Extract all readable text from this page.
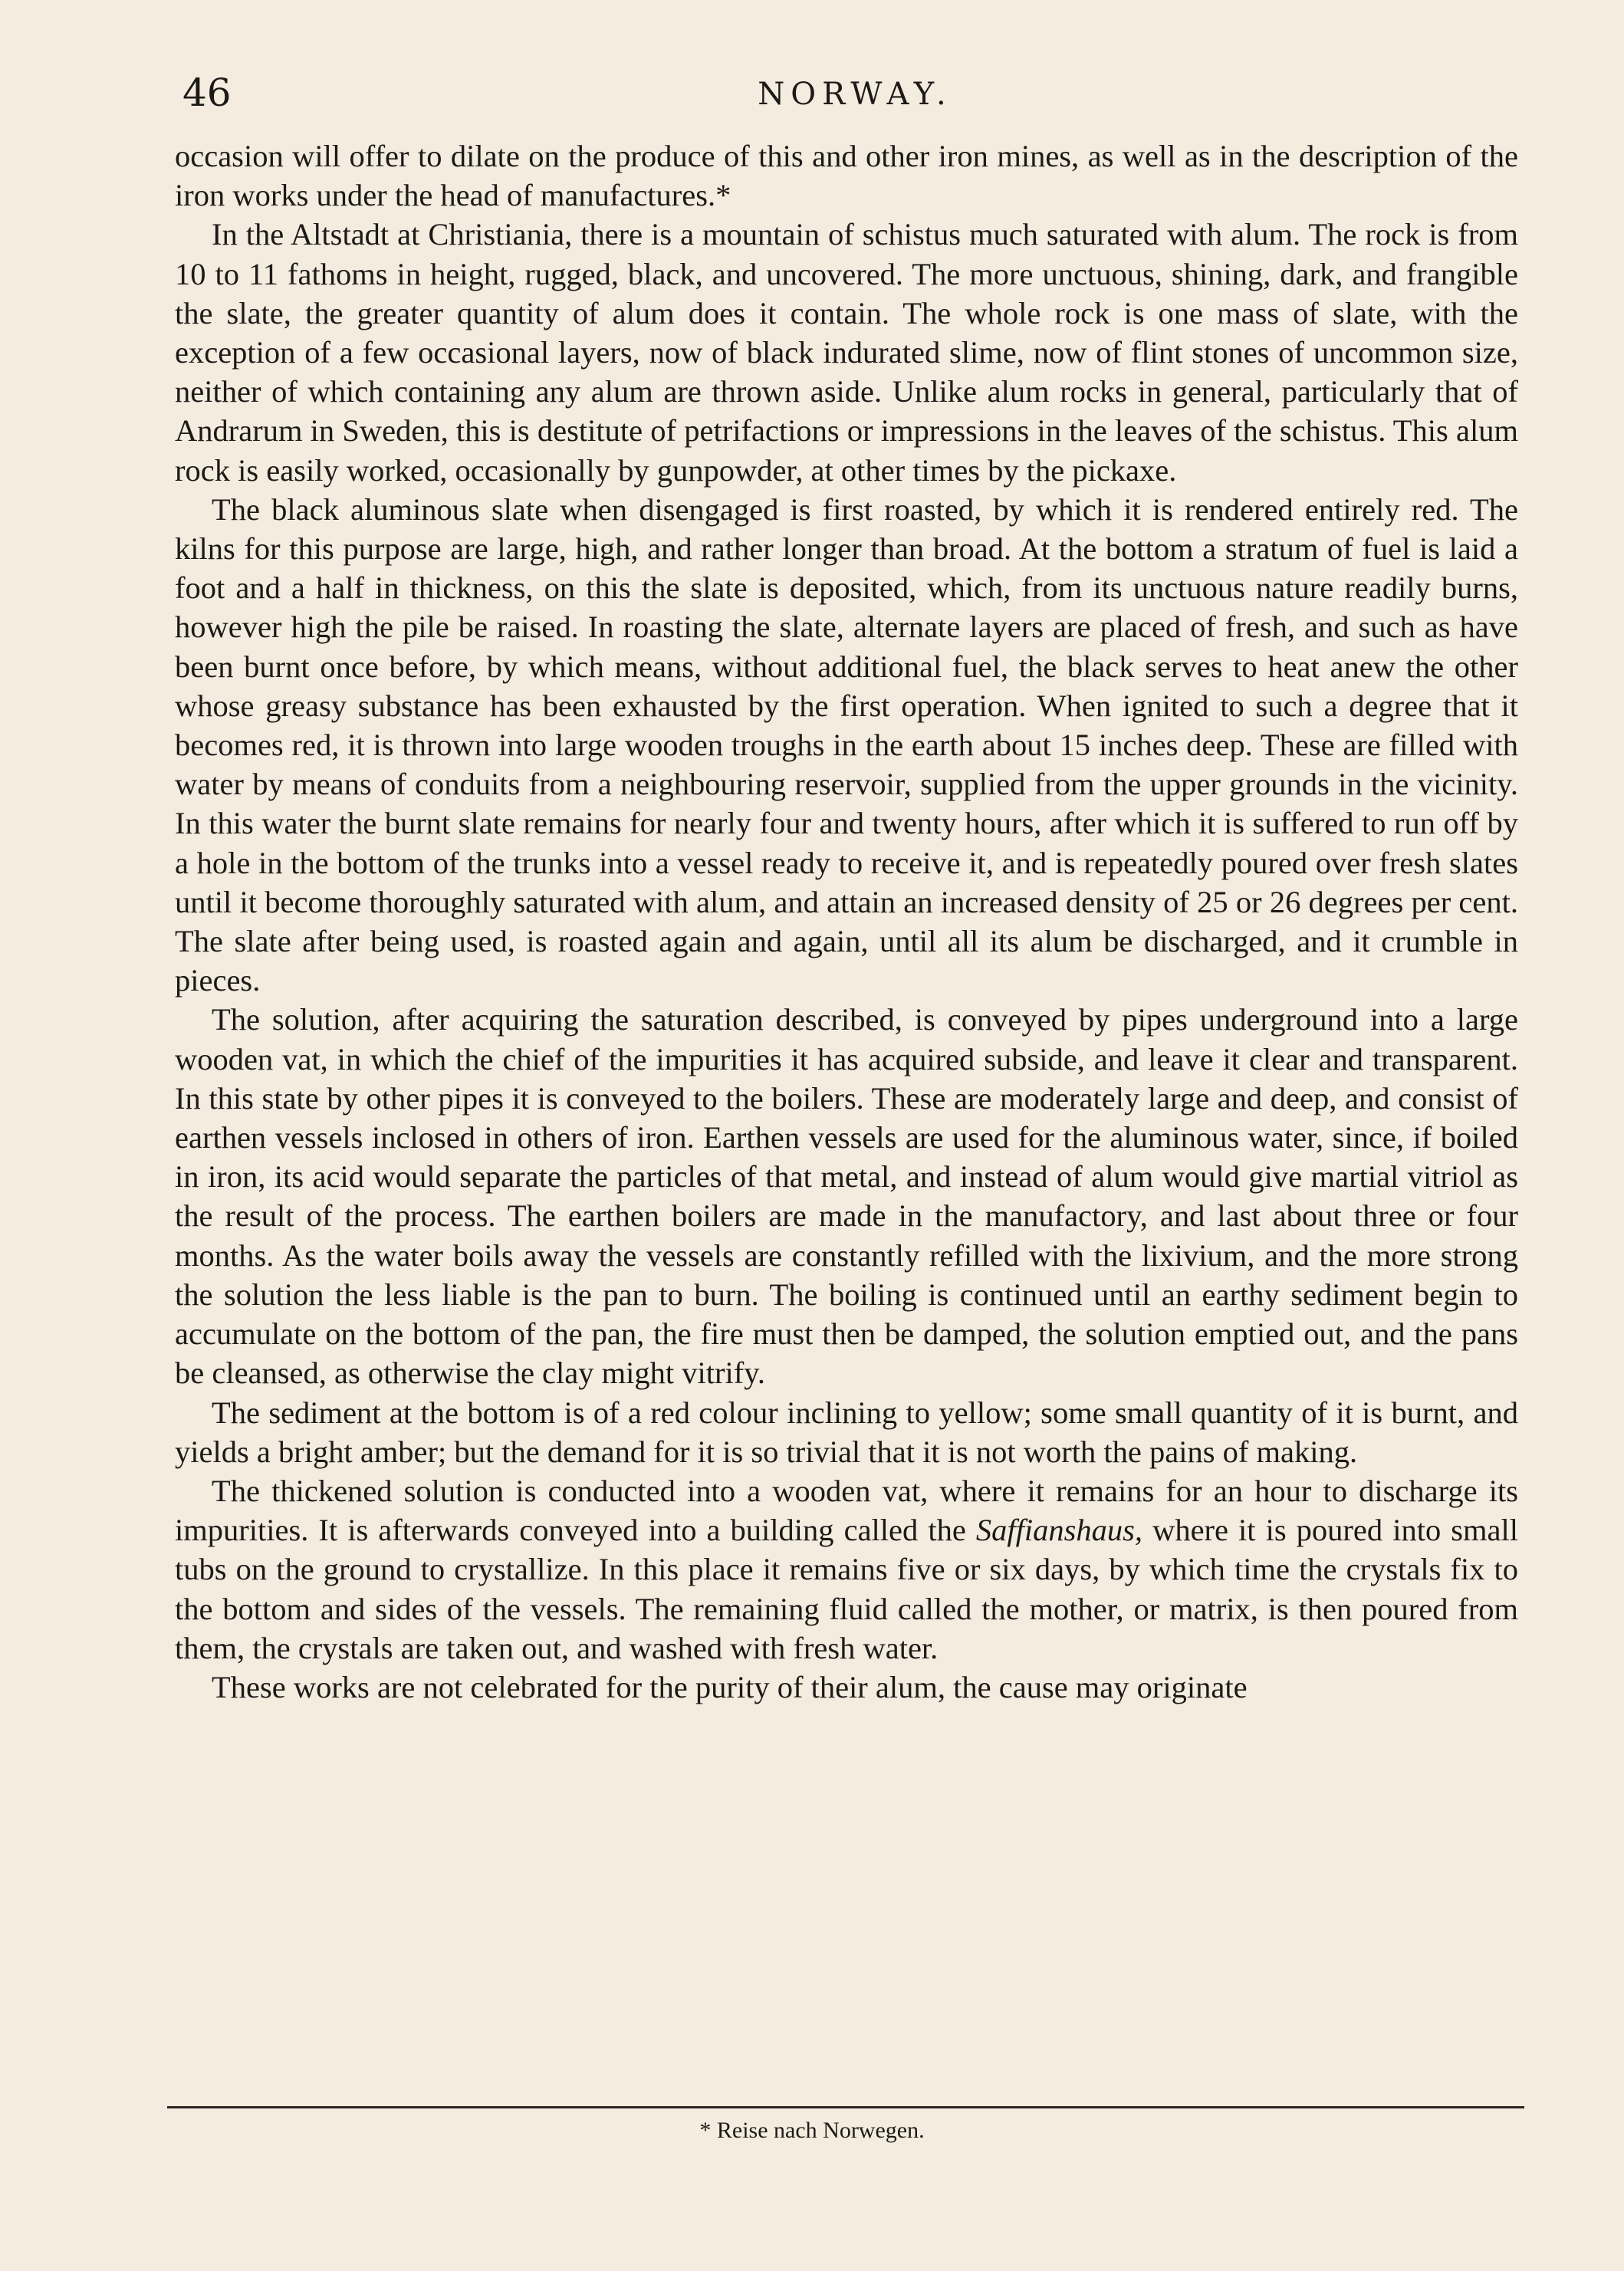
46	NORWAY.

occasion will offer to dilate on the produce of this and other iron mines, as well as in the description of the iron works under the head of manufactures.*

In the Altstadt at Christiania, there is a mountain of schistus much saturated with alum. The rock is from 10 to 11 fathoms in height, rugged, black, and uncovered. The more unctuous, shining, dark, and frangible the slate, the greater quantity of alum does it contain. The whole rock is one mass of slate, with the exception of a few occasional layers, now of black indurated slime, now of flint stones of uncommon size, neither of which containing any alum are thrown aside. Unlike alum rocks in general, particularly that of Andrarum in Sweden, this is destitute of petrifactions or impressions in the leaves of the schistus. This alum rock is easily worked, occasionally by gunpowder, at other times by the pickaxe.

The black aluminous slate when disengaged is first roasted, by which it is rendered entirely red. The kilns for this purpose are large, high, and rather longer than broad. At the bottom a stratum of fuel is laid a foot and a half in thickness, on this the slate is deposited, which, from its unctuous nature readily burns, however high the pile be raised. In roasting the slate, alternate layers are placed of fresh, and such as have been burnt once before, by which means, without additional fuel, the black serves to heat anew the other whose greasy substance has been exhausted by the first operation. When ignited to such a degree that it becomes red, it is thrown into large wooden troughs in the earth about 15 inches deep. These are filled with water by means of conduits from a neighbouring reservoir, supplied from the upper grounds in the vicinity. In this water the burnt slate remains for nearly four and twenty hours, after which it is suffered to run off by a hole in the bottom of the trunks into a vessel ready to receive it, and is repeatedly poured over fresh slates until it become thoroughly saturated with alum, and attain an increased density of 25 or 26 degrees per cent. The slate after being used, is roasted again and again, until all its alum be discharged, and it crumble in pieces.

The solution, after acquiring the saturation described, is conveyed by pipes underground into a large wooden vat, in which the chief of the impurities it has acquired subside, and leave it clear and transparent. In this state by other pipes it is conveyed to the boilers. These are moderately large and deep, and consist of earthen vessels inclosed in others of iron. Earthen vessels are used for the aluminous water, since, if boiled in iron, its acid would separate the particles of that metal, and instead of alum would give martial vitriol as the result of the process. The earthen boilers are made in the manufactory, and last about three or four months. As the water boils away the vessels are constantly refilled with the lixivium, and the more strong the solution the less liable is the pan to burn. The boiling is continued until an earthy sediment begin to accumulate on the bottom of the pan, the fire must then be damped, the solution emptied out, and the pans be cleansed, as otherwise the clay might vitrify.

The sediment at the bottom is of a red colour inclining to yellow; some small quantity of it is burnt, and yields a bright amber; but the demand for it is so trivial that it is not worth the pains of making.

The thickened solution is conducted into a wooden vat, where it remains for an hour to discharge its impurities. It is afterwards conveyed into a building called the Saffianshaus, where it is poured into small tubs on the ground to crystallize. In this place it remains five or six days, by which time the crystals fix to the bottom and sides of the vessels. The remaining fluid called the mother, or matrix, is then poured from them, the crystals are taken out, and washed with fresh water.

These works are not celebrated for the purity of their alum, the cause may originate

* Reise nach Norwegen.
